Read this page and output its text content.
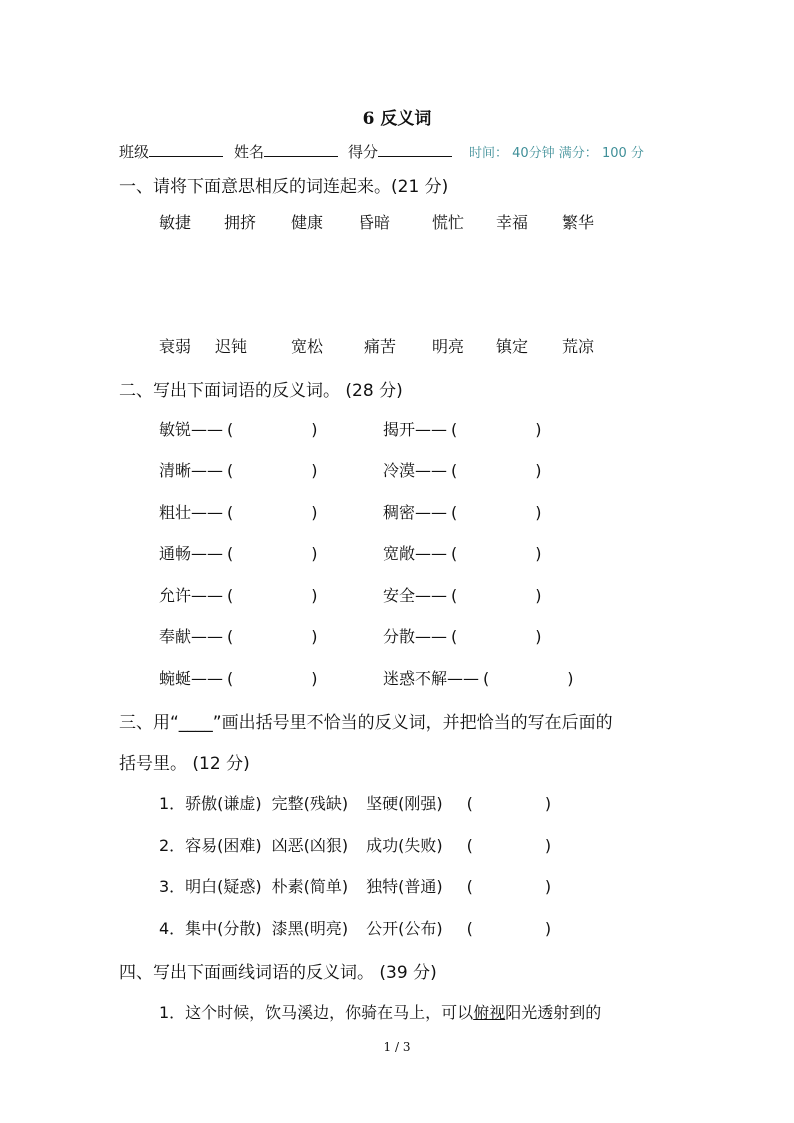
6 反义词
班级	姓名	得分	时间： 40分钟 满分： 100 分
一、请将下面意思相反的词连起来。(21 分)
敏捷 拥挤 健康 昏暗	慌忙 幸福 繁华
衰弱 迟钝	宽松	痛苦 明亮 镇定 荒凉
二、写出下面词语的反义词。 (28 分)
敏锐—— (	)	揭开—— (	)
清晰—— (	)	冷漠—— (	)
粗壮—— (	)	稠密—— (	)
通畅—— (	)	宽敞—— (	)
允许—— (	)	安全—— (	)
奉献—— (	)	分散—— (	)
蜿蜒—— (	)	迷惑不解—— (	)
三、用“____”画出括号里不恰当的反义词，并把恰当的写在后面的
括号里。 (12 分)
1．骄傲(谦虚) 完整(残缺) 坚硬(刚强) (	)
2．容易(困难) 凶恶(凶狠) 成功(失败) (	)
3．明白(疑惑) 朴素(简单) 独特(普通) (	)
4．集中(分散) 漆黑(明亮) 公开(公布) (	)
四、写出下面画线词语的反义词。 (39 分)
1．这个时候，饮马溪边，你骑在马上，可以俯视阳光透射到的
1 / 3
